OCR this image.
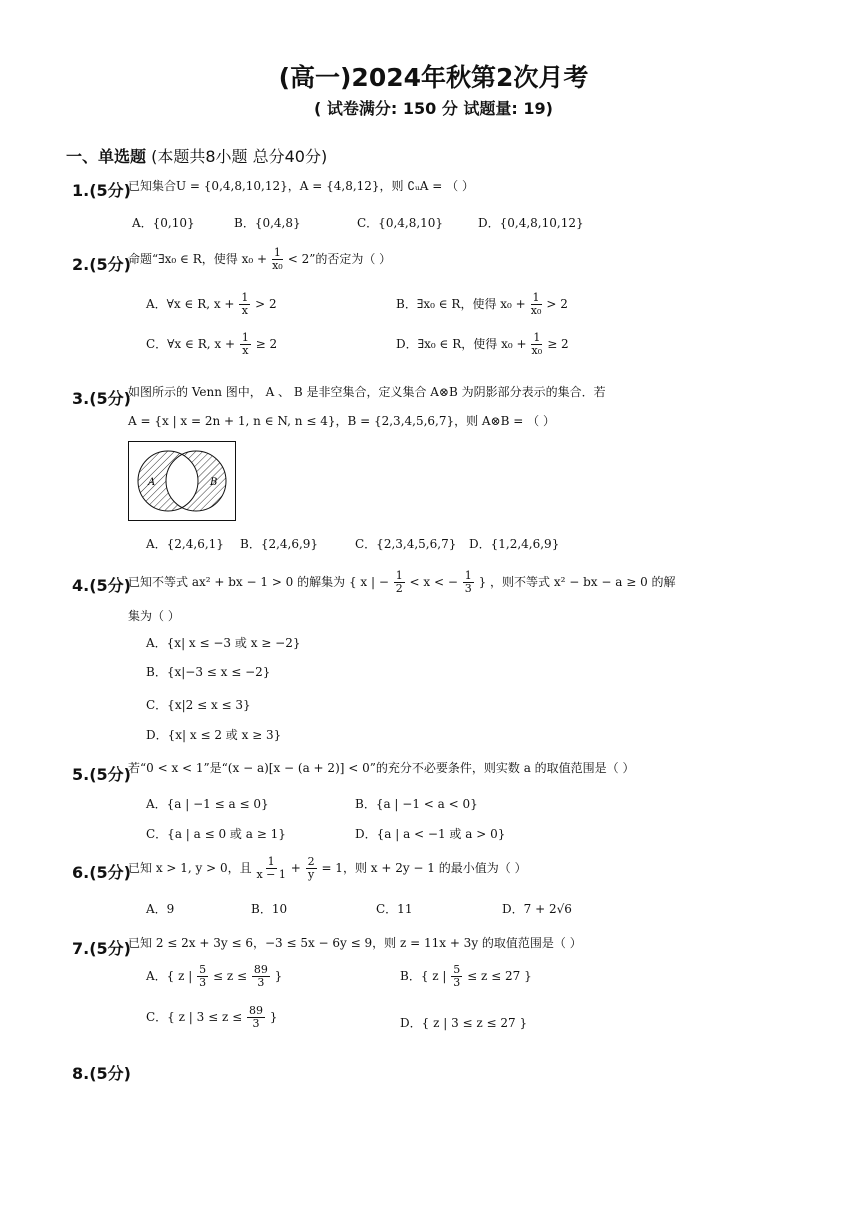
(高一)2024年秋第2次月考
( 试卷满分: 150 分 试题量: 19)
一、单选题 (本题共8小题 总分40分)
1.(5分)
已知集合U = {0,4,8,10,12}，A = {4,8,12}，则 ∁ᵤA = （ ）
A．{0,10}	B．{0,4,8}	C．{0,4,8,10}	D．{0,4,8,10,12}
2.(5分)
命题“∃x₀ ∈ R，使得 $x_0 + \frac{1}{\text{x₀}} < 2$”的否定为（ ）
A．∀x ∈ R, $x + \frac{1}{x} > 2$	B．∃x₀ ∈ R，使得 $x_0 + \frac{1}{\text{x₀}} > 2$
C．∀x ∈ R, $x + \frac{1}{x} \ge 2$	D．∃x₀ ∈ R，使得 $x_0 + \frac{1}{\text{x₀}} \ge 2$
3.(5分)
如图所示的 Venn 图中， A 、 B 是非空集合，定义集合 A⊗B 为阴影部分表示的集合．若
A = {x | x = 2n + 1, n ∈ N, n ≤ 4}，B = {2,3,4,5,6,7}，则 A⊗B = （ ）
A	B
A．{2,4,6,1} B．{2,4,6,9}	C．{2,3,4,5,6,7} D．{1,2,4,6,9}
4.(5分)
已知不等式 ax² + bx − 1 > 0 的解集为 { x | − $\frac{1}{2} < x$ < − $\frac{1}{3}$ } ，则不等式 x² − bx − a ≥ 0 的解
集为（ ）
A．{x| x ≤ −3 或 x ≥ −2}
B．{x|−3 ≤ x ≤ −2}
C．{x|2 ≤ x ≤ 3}
D．{x| x ≤ 2 或 x ≥ 3}
5.(5分)
若“0 < x < 1”是“(x − a)[x − (a + 2)] < 0”的充分不必要条件，则实数 a 的取值范围是（ ）
A．{a | −1 ≤ a ≤ 0}	B．{a | −1 < a < 0}
C．{a | a ≤ 0 或 a ≥ 1}	D．{a | a < −1 或 a > 0}
6.(5分)
已知 x > 1, y > 0，且 $\frac{1}{x - 1} + \frac{2}{y} = 1$，则 x + 2y − 1 的最小值为（ ）
A．9	B．10	C．11	D．7 + 2√6
7.(5分)
已知 2 ≤ 2x + 3y ≤ 6，−3 ≤ 5x − 6y ≤ 9，则 z = 11x + 3y 的取值范围是（ ）
A．{ z | $\frac{5}{3} \le z \le \frac{89}{3}$ }	B．{ z | $\frac{5}{3} \le z \le 27$ }
C．{ z | $3 \le z \le \frac{89}{3}$ }	D．{ z | 3 ≤ z ≤ 27 }
8.(5分)
